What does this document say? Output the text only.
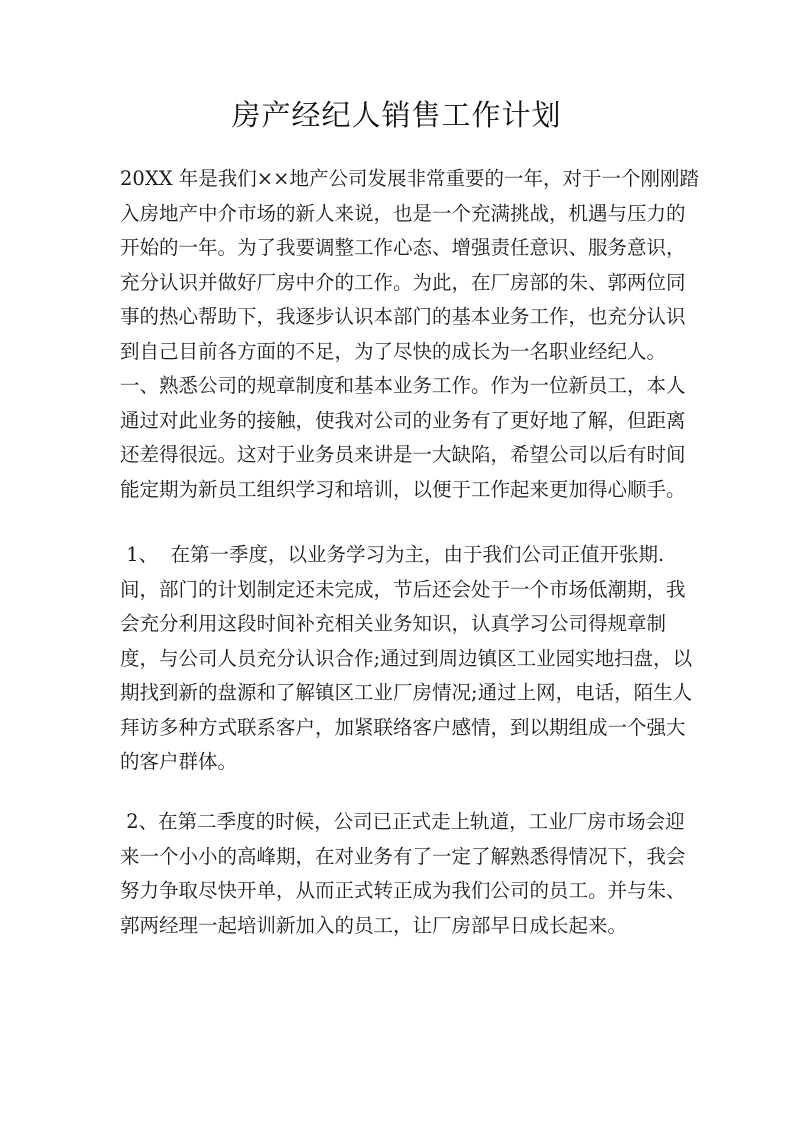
房产经纪人销售工作计划
20XX 年是我们××地产公司发展非常重要的一年，对于一个刚刚踏
入房地产中介市场的新人来说，也是一个充满挑战，机遇与压力的
开始的一年。为了我要调整工作心态、增强责任意识、服务意识，
充分认识并做好厂房中介的工作。为此，在厂房部的朱、郭两位同
事的热心帮助下，我逐步认识本部门的基本业务工作，也充分认识
到自己目前各方面的不足，为了尽快的成长为一名职业经纪人。
一、熟悉公司的规章制度和基本业务工作。作为一位新员工，本人
通过对此业务的接触，使我对公司的业务有了更好地了解，但距离
还差得很远。这对于业务员来讲是一大缺陷，希望公司以后有时间
能定期为新员工组织学习和培训，以便于工作起来更加得心顺手。
1、  在第一季度，以业务学习为主，由于我们公司正值开张期.
间，部门的计划制定还未完成，节后还会处于一个市场低潮期，我
会充分利用这段时间补充相关业务知识，认真学习公司得规章制
度，与公司人员充分认识合作;通过到周边镇区工业园实地扫盘，以
期找到新的盘源和了解镇区工业厂房情况;通过上网，电话，陌生人
拜访多种方式联系客户，加紧联络客户感情，到以期组成一个强大
的客户群体。
2、在第二季度的时候，公司已正式走上轨道，工业厂房市场会迎
来一个小小的高峰期，在对业务有了一定了解熟悉得情况下，我会
努力争取尽快开单，从而正式转正成为我们公司的员工。并与朱、
郭两经理一起培训新加入的员工，让厂房部早日成长起来。
